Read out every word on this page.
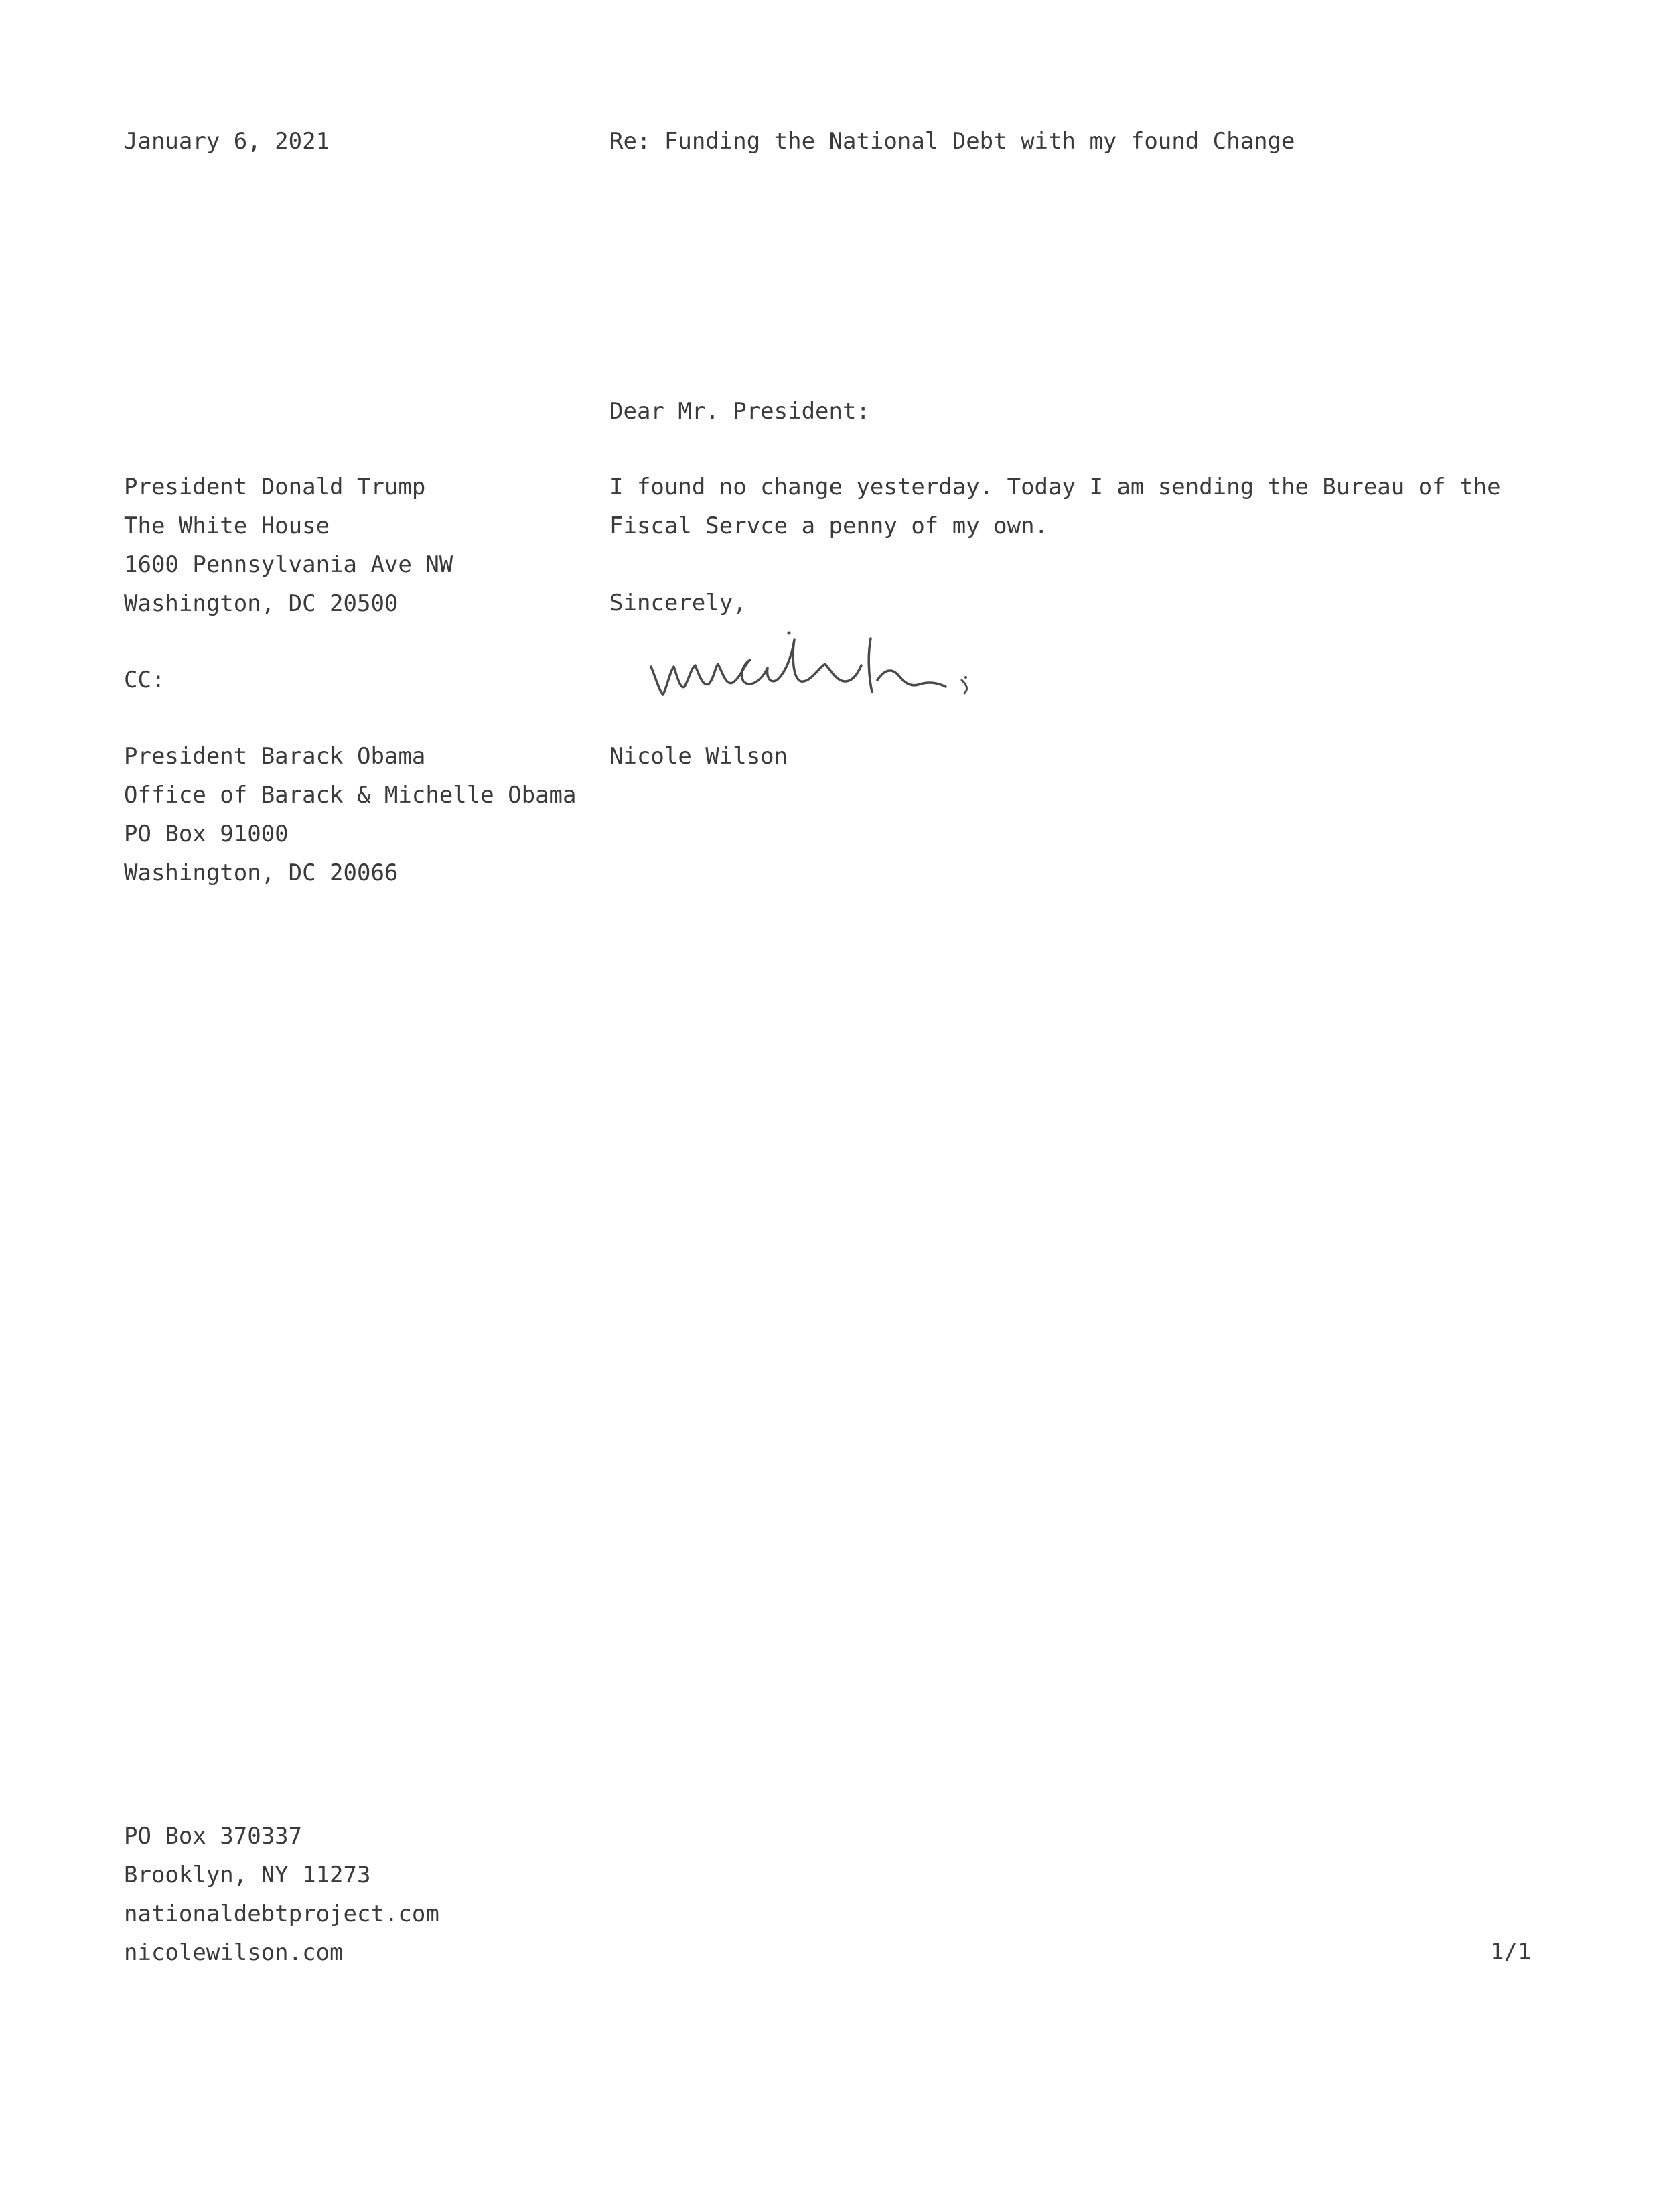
January 6, 2021	Re: Funding the National Debt with my found Change
Dear Mr. President:
President Donald Trump
The White House
1600 Pennsylvania Ave NW
Washington, DC 20500
I found no change yesterday. Today I am sending the Bureau of the
Fiscal Servce a penny of my own.
Sincerely,
CC:
Nicole Wilson
President Barack Obama
Office of Barack & Michelle Obama
PO Box 91000
Washington, DC 20066
PO Box 370337
Brooklyn, NY 11273
nationaldebtproject.com
nicolewilson.com	1/1
